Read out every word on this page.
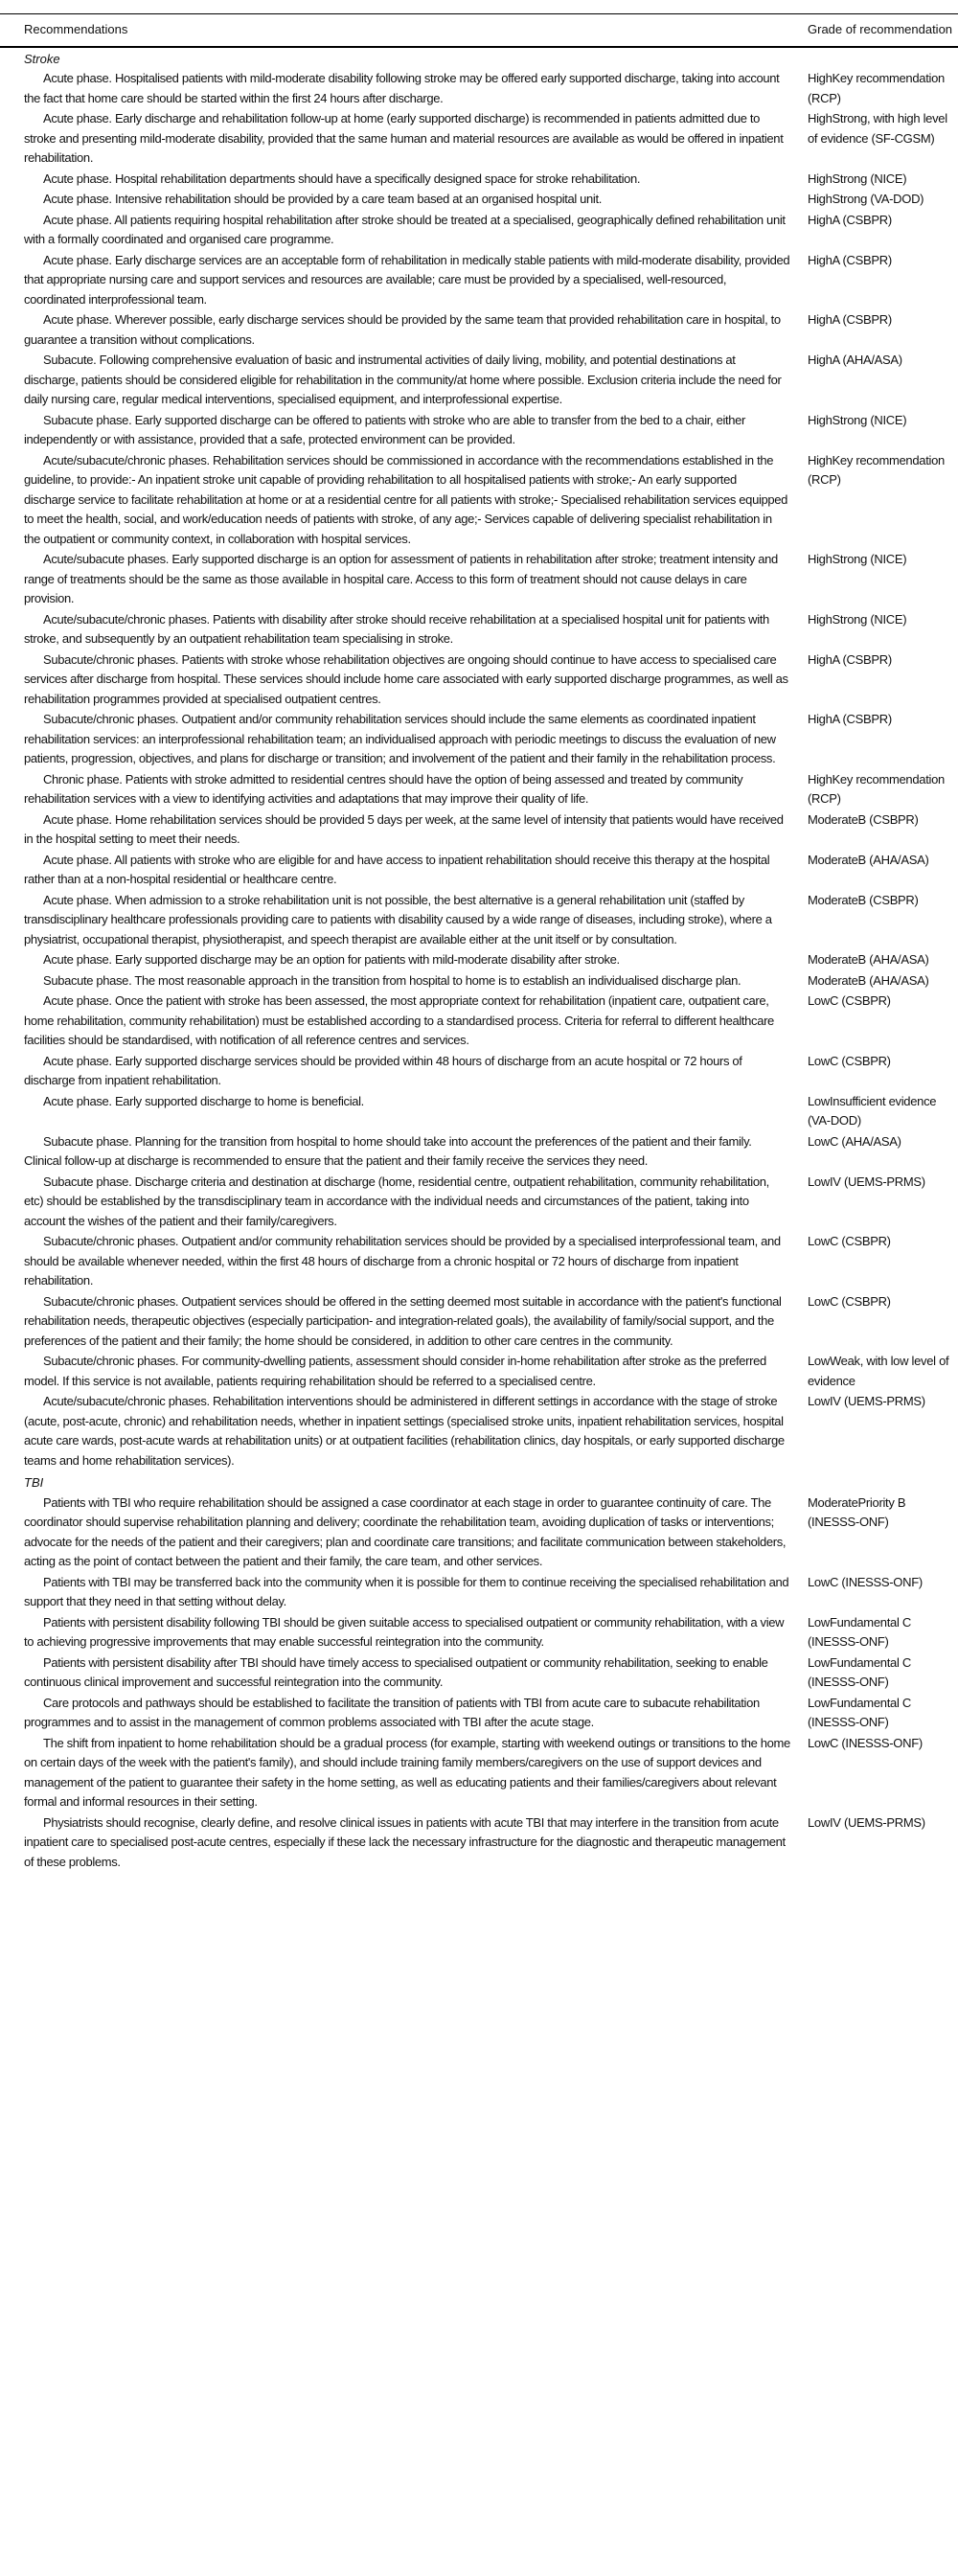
Recommendations	Grade of recommendation
Stroke	
Acute phase. Hospitalised patients with mild-moderate disability following stroke may be offered early supported discharge, taking into account the fact that home care should be started within the first 24 hours after discharge.	HighKey recommendation (RCP)
Acute phase. Early discharge and rehabilitation follow-up at home (early supported discharge) is recommended in patients admitted due to stroke and presenting mild-moderate disability, provided that the same human and material resources are available as would be offered in inpatient rehabilitation.	HighStrong, with high level of evidence (SF-CGSM)
Acute phase. Hospital rehabilitation departments should have a specifically designed space for stroke rehabilitation.	HighStrong (NICE)
Acute phase. Intensive rehabilitation should be provided by a care team based at an organised hospital unit.	HighStrong (VA-DOD)
Acute phase. All patients requiring hospital rehabilitation after stroke should be treated at a specialised, geographically defined rehabilitation unit with a formally coordinated and organised care programme.	HighA (CSBPR)
Acute phase. Early discharge services are an acceptable form of rehabilitation in medically stable patients with mild-moderate disability, provided that appropriate nursing care and support services and resources are available; care must be provided by a specialised, well-resourced, coordinated interprofessional team.	HighA (CSBPR)
Acute phase. Wherever possible, early discharge services should be provided by the same team that provided rehabilitation care in hospital, to guarantee a transition without complications.	HighA (CSBPR)
Subacute. Following comprehensive evaluation of basic and instrumental activities of daily living, mobility, and potential destinations at discharge, patients should be considered eligible for rehabilitation in the community/at home where possible. Exclusion criteria include the need for daily nursing care, regular medical interventions, specialised equipment, and interprofessional expertise.	HighA (AHA/ASA)
Subacute phase. Early supported discharge can be offered to patients with stroke who are able to transfer from the bed to a chair, either independently or with assistance, provided that a safe, protected environment can be provided.	HighStrong (NICE)
Acute/subacute/chronic phases. Rehabilitation services should be commissioned in accordance with the recommendations established in the guideline, to provide:- An inpatient stroke unit capable of providing rehabilitation to all hospitalised patients with stroke;- An early supported discharge service to facilitate rehabilitation at home or at a residential centre for all patients with stroke;- Specialised rehabilitation services equipped to meet the health, social, and work/education needs of patients with stroke, of any age;- Services capable of delivering specialist rehabilitation in the outpatient or community context, in collaboration with hospital services.	HighKey recommendation (RCP)
Acute/subacute phases. Early supported discharge is an option for assessment of patients in rehabilitation after stroke; treatment intensity and range of treatments should be the same as those available in hospital care. Access to this form of treatment should not cause delays in care provision.	HighStrong (NICE)
Acute/subacute/chronic phases. Patients with disability after stroke should receive rehabilitation at a specialised hospital unit for patients with stroke, and subsequently by an outpatient rehabilitation team specialising in stroke.	HighStrong (NICE)
Subacute/chronic phases. Patients with stroke whose rehabilitation objectives are ongoing should continue to have access to specialised care services after discharge from hospital. These services should include home care associated with early supported discharge programmes, as well as rehabilitation programmes provided at specialised outpatient centres.	HighA (CSBPR)
Subacute/chronic phases. Outpatient and/or community rehabilitation services should include the same elements as coordinated inpatient rehabilitation services: an interprofessional rehabilitation team; an individualised approach with periodic meetings to discuss the evaluation of new patients, progression, objectives, and plans for discharge or transition; and involvement of the patient and their family in the rehabilitation process.	HighA (CSBPR)
Chronic phase. Patients with stroke admitted to residential centres should have the option of being assessed and treated by community rehabilitation services with a view to identifying activities and adaptations that may improve their quality of life.	HighKey recommendation (RCP)
Acute phase. Home rehabilitation services should be provided 5 days per week, at the same level of intensity that patients would have received in the hospital setting to meet their needs.	ModerateB (CSBPR)
Acute phase. All patients with stroke who are eligible for and have access to inpatient rehabilitation should receive this therapy at the hospital rather than at a non-hospital residential or healthcare centre.	ModerateB (AHA/ASA)
Acute phase. When admission to a stroke rehabilitation unit is not possible, the best alternative is a general rehabilitation unit (staffed by transdisciplinary healthcare professionals providing care to patients with disability caused by a wide range of diseases, including stroke), where a physiatrist, occupational therapist, physiotherapist, and speech therapist are available either at the unit itself or by consultation.	ModerateB (CSBPR)
Acute phase. Early supported discharge may be an option for patients with mild-moderate disability after stroke.	ModerateB (AHA/ASA)
Subacute phase. The most reasonable approach in the transition from hospital to home is to establish an individualised discharge plan.	ModerateB (AHA/ASA)
Acute phase. Once the patient with stroke has been assessed, the most appropriate context for rehabilitation (inpatient care, outpatient care, home rehabilitation, community rehabilitation) must be established according to a standardised process. Criteria for referral to different healthcare facilities should be standardised, with notification of all reference centres and services.	LowC (CSBPR)
Acute phase. Early supported discharge services should be provided within 48 hours of discharge from an acute hospital or 72 hours of discharge from inpatient rehabilitation.	LowC (CSBPR)
Acute phase. Early supported discharge to home is beneficial.	LowInsufficient evidence (VA-DOD)
Subacute phase. Planning for the transition from hospital to home should take into account the preferences of the patient and their family. Clinical follow-up at discharge is recommended to ensure that the patient and their family receive the services they need.	LowC (AHA/ASA)
Subacute phase. Discharge criteria and destination at discharge (home, residential centre, outpatient rehabilitation, community rehabilitation, etc) should be established by the transdisciplinary team in accordance with the individual needs and circumstances of the patient, taking into account the wishes of the patient and their family/caregivers.	LowIV (UEMS-PRMS)
Subacute/chronic phases. Outpatient and/or community rehabilitation services should be provided by a specialised interprofessional team, and should be available whenever needed, within the first 48 hours of discharge from a chronic hospital or 72 hours of discharge from inpatient rehabilitation.	LowC (CSBPR)
Subacute/chronic phases. Outpatient services should be offered in the setting deemed most suitable in accordance with the patient's functional rehabilitation needs, therapeutic objectives (especially participation- and integration-related goals), the availability of family/social support, and the preferences of the patient and their family; the home should be considered, in addition to other care centres in the community.	LowC (CSBPR)
Subacute/chronic phases. For community-dwelling patients, assessment should consider in-home rehabilitation after stroke as the preferred model. If this service is not available, patients requiring rehabilitation should be referred to a specialised centre.	LowWeak, with low level of evidence
Acute/subacute/chronic phases. Rehabilitation interventions should be administered in different settings in accordance with the stage of stroke (acute, post-acute, chronic) and rehabilitation needs, whether in inpatient settings (specialised stroke units, inpatient rehabilitation services, hospital acute care wards, post-acute wards at rehabilitation units) or at outpatient facilities (rehabilitation clinics, day hospitals, or early supported discharge teams and home rehabilitation services).	LowIV (UEMS-PRMS)
TBI	
Patients with TBI who require rehabilitation should be assigned a case coordinator at each stage in order to guarantee continuity of care. The coordinator should supervise rehabilitation planning and delivery; coordinate the rehabilitation team, avoiding duplication of tasks or interventions; advocate for the needs of the patient and their caregivers; plan and coordinate care transitions; and facilitate communication between stakeholders, acting as the point of contact between the patient and their family, the care team, and other services.	ModeratePriority B (INESSS-ONF)
Patients with TBI may be transferred back into the community when it is possible for them to continue receiving the specialised rehabilitation and support that they need in that setting without delay.	LowC (INESSS-ONF)
Patients with persistent disability following TBI should be given suitable access to specialised outpatient or community rehabilitation, with a view to achieving progressive improvements that may enable successful reintegration into the community.	LowFundamental C (INESSS-ONF)
Patients with persistent disability after TBI should have timely access to specialised outpatient or community rehabilitation, seeking to enable continuous clinical improvement and successful reintegration into the community.	LowFundamental C (INESSS-ONF)
Care protocols and pathways should be established to facilitate the transition of patients with TBI from acute care to subacute rehabilitation programmes and to assist in the management of common problems associated with TBI after the acute stage.	LowFundamental C (INESSS-ONF)
The shift from inpatient to home rehabilitation should be a gradual process (for example, starting with weekend outings or transitions to the home on certain days of the week with the patient's family), and should include training family members/caregivers on the use of support devices and management of the patient to guarantee their safety in the home setting, as well as educating patients and their families/caregivers about relevant formal and informal resources in their setting.	LowC (INESSS-ONF)
Physiatrists should recognise, clearly define, and resolve clinical issues in patients with acute TBI that may interfere in the transition from acute inpatient care to specialised post-acute centres, especially if these lack the necessary infrastructure for the diagnostic and therapeutic management of these problems.	LowIV (UEMS-PRMS)
